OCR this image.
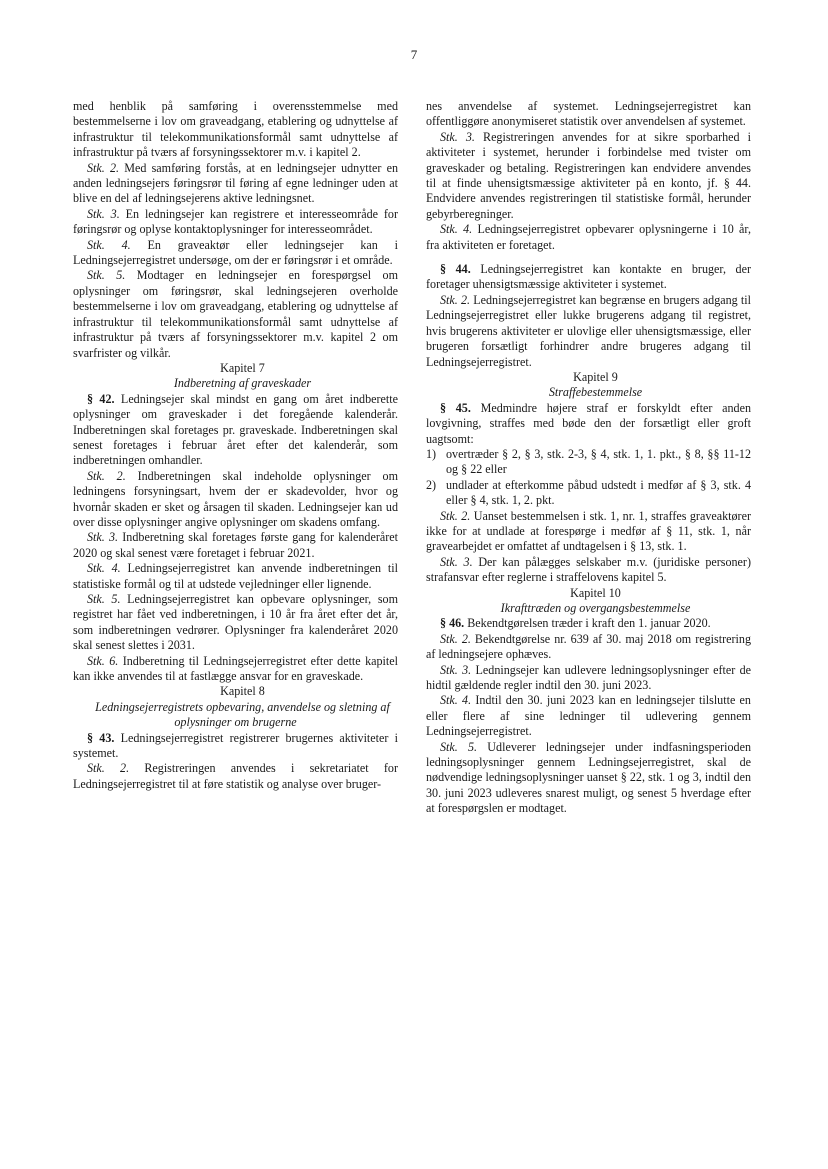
7

med henblik på samføring i overensstemmelse med bestemmelserne i lov om graveadgang, etablering og udnyttelse af infrastruktur til telekommunikationsformål samt udnyttelse af infrastruktur på tværs af forsyningssektorer m.v. i kapitel 2.

Stk. 2. Med samføring forstås, at en ledningsejer udnytter en anden ledningsejers føringsrør til føring af egne ledninger uden at blive en del af ledningsejerens aktive ledningsnet.

Stk. 3. En ledningsejer kan registrere et interesseområde for føringsrør og oplyse kontaktoplysninger for interesseområdet.

Stk. 4. En graveaktør eller ledningsejer kan i Ledningsejerregistret undersøge, om der er føringsrør i et område.

Stk. 5. Modtager en ledningsejer en forespørgsel om oplysninger om føringsrør, skal ledningsejeren overholde bestemmelserne i lov om graveadgang, etablering og udnyttelse af infrastruktur til telekommunikationsformål samt udnyttelse af infrastruktur på tværs af forsyningssektorer m.v. kapitel 2 om svarfrister og vilkår.

Kapitel 7

Indberetning af graveskader

§ 42. Ledningsejer skal mindst en gang om året indberette oplysninger om graveskader i det foregående kalenderår. Indberetningen skal foretages pr. graveskade. Indberetningen skal senest foretages i februar året efter det kalenderår, som indberetningen omhandler.

Stk. 2. Indberetningen skal indeholde oplysninger om ledningens forsyningsart, hvem der er skadevolder, hvor og hvornår skaden er sket og årsagen til skaden. Ledningsejer kan ud over disse oplysninger angive oplysninger om skadens omfang.

Stk. 3. Indberetning skal foretages første gang for kalenderåret 2020 og skal senest være foretaget i februar 2021.

Stk. 4. Ledningsejerregistret kan anvende indberetningen til statistiske formål og til at udstede vejledninger eller lignende.

Stk. 5. Ledningsejerregistret kan opbevare oplysninger, som registret har fået ved indberetningen, i 10 år fra året efter det år, som indberetningen vedrører. Oplysninger fra kalenderåret 2020 skal senest slettes i 2031.

Stk. 6. Indberetning til Ledningsejerregistret efter dette kapitel kan ikke anvendes til at fastlægge ansvar for en graveskade.

Kapitel 8

Ledningsejerregistrets opbevaring, anvendelse og sletning af oplysninger om brugerne

§ 43. Ledningsejerregistret registrerer brugernes aktiviteter i systemet.

Stk. 2. Registreringen anvendes i sekretariatet for Ledningsejerregistret til at føre statistik og analyse over bruger-

nes anvendelse af systemet. Ledningsejerregistret kan offentliggøre anonymiseret statistik over anvendelsen af systemet.

Stk. 3. Registreringen anvendes for at sikre sporbarhed i aktiviteter i systemet, herunder i forbindelse med tvister om graveskader og betaling. Registreringen kan endvidere anvendes til at finde uhensigtsmæssige aktiviteter på en konto, jf. § 44. Endvidere anvendes registreringen til statistiske formål, herunder gebyrberegninger.

Stk. 4. Ledningsejerregistret opbevarer oplysningerne i 10 år, fra aktiviteten er foretaget.

§ 44. Ledningsejerregistret kan kontakte en bruger, der foretager uhensigtsmæssige aktiviteter i systemet.

Stk. 2. Ledningsejerregistret kan begrænse en brugers adgang til Ledningsejerregistret eller lukke brugerens adgang til registret, hvis brugerens aktiviteter er ulovlige eller uhensigtsmæssige, eller brugeren forsætligt forhindrer andre brugeres adgang til Ledningsejerregistret.

Kapitel 9

Straffebestemmelse

§ 45. Medmindre højere straf er forskyldt efter anden lovgivning, straffes med bøde den der forsætligt eller groft uagtsomt:

1) overtræder § 2, § 3, stk. 2-3, § 4, stk. 1, 1. pkt., § 8, §§ 11-12 og § 22 eller
2) undlader at efterkomme påbud udstedt i medfør af § 3, stk. 4 eller § 4, stk. 1, 2. pkt.

Stk. 2. Uanset bestemmelsen i stk. 1, nr. 1, straffes graveaktører ikke for at undlade at forespørge i medfør af § 11, stk. 1, når gravearbejdet er omfattet af undtagelsen i § 13, stk. 1.

Stk. 3. Der kan pålægges selskaber m.v. (juridiske personer) strafansvar efter reglerne i straffelovens kapitel 5.

Kapitel 10

Ikrafttræden og overgangsbestemmelse

§ 46. Bekendtgørelsen træder i kraft den 1. januar 2020.

Stk. 2. Bekendtgørelse nr. 639 af 30. maj 2018 om registrering af ledningsejere ophæves.

Stk. 3. Ledningsejer kan udlevere ledningsoplysninger efter de hidtil gældende regler indtil den 30. juni 2023.

Stk. 4. Indtil den 30. juni 2023 kan en ledningsejer tilslutte en eller flere af sine ledninger til udlevering gennem Ledningsejerregistret.

Stk. 5. Udleverer ledningsejer under indfasningsperioden ledningsoplysninger gennem Ledningsejerregistret, skal de nødvendige ledningsoplysninger uanset § 22, stk. 1 og 3, indtil den 30. juni 2023 udleveres snarest muligt, og senest 5 hverdage efter at forespørgslen er modtaget.
